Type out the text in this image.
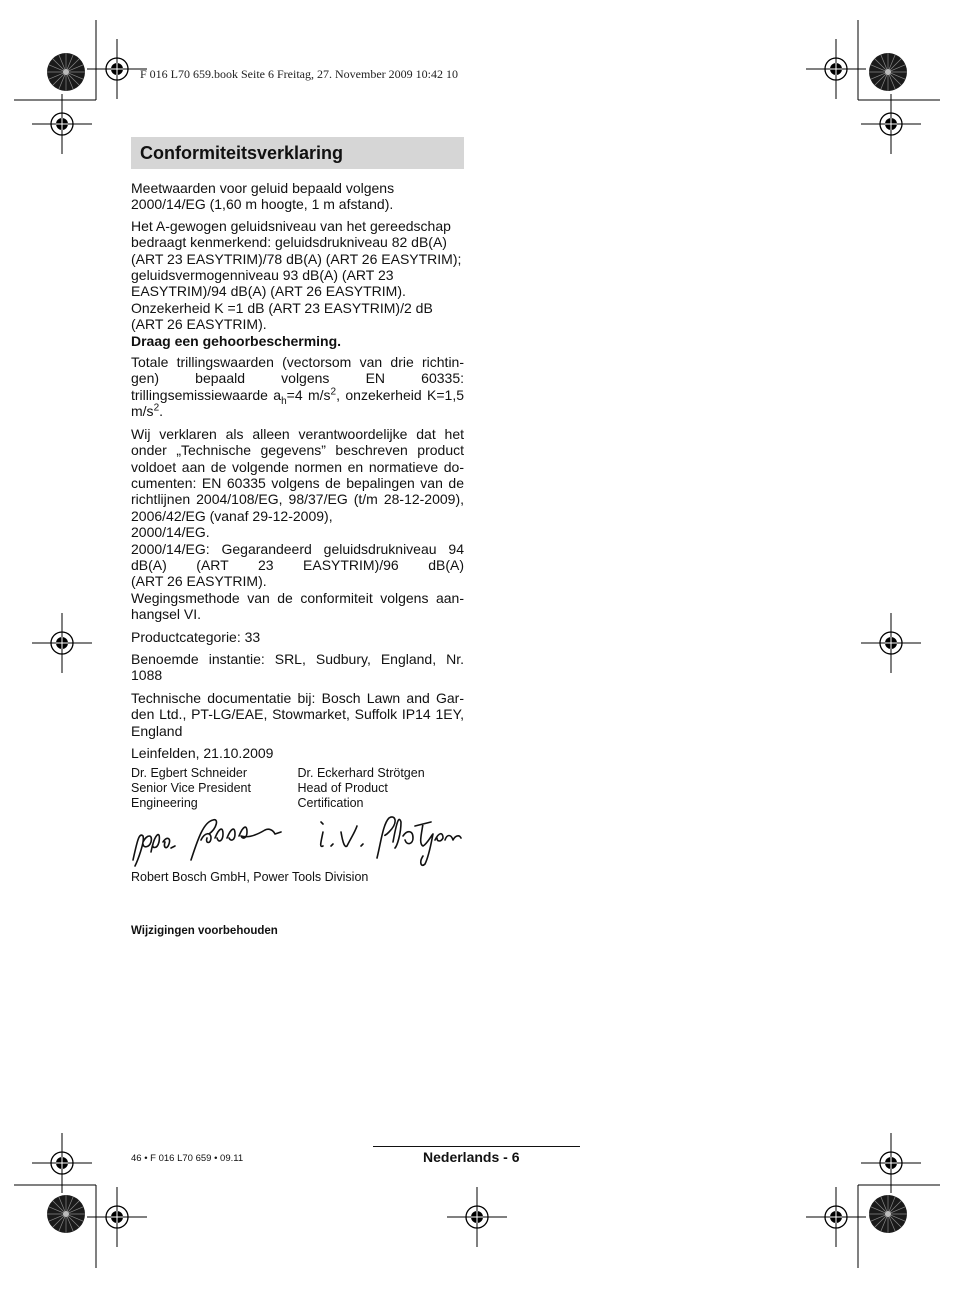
F 016 L70 659.book Seite 6 Freitag, 27. November 2009 10:42 10
Conformiteitsverklaring

Meetwaarden voor geluid bepaald volgens 2000/14/EG (1,60 m hoogte, 1 m afstand).

Het A-gewogen geluidsniveau van het gereedschap bedraagt kenmerkend: geluidsdrukniveau 82 dB(A) (ART 23 EASYTRIM)/78 dB(A) (ART 26 EASYTRIM); geluidsvermogenniveau 93 dB(A) (ART 23 EASYTRIM)/94 dB(A) (ART 26 EASYTRIM). Onzekerheid K =1 dB (ART 23 EASYTRIM)/2 dB (ART 26 EASYTRIM).
Draag een gehoorbescherming.

Totale trillingswaarden (vectorsom van drie richtin-gen) bepaald volgens EN 60335: trillingsemissiewaarde $a_h=4$ $m/s^2$, onzekerheid K=1,5 $m/s^2$.

Wij verklaren als alleen verantwoordelijke dat het onder „Technische gegevens” beschreven product voldoet aan de volgende normen en normatieve do-cumenten: EN 60335 volgens de bepalingen van de richtlijnen 2004/108/EG, 98/37/EG (t/m 28-12-2009), 2006/42/EG (vanaf 29-12-2009),
2000/14/EG.
2000/14/EG: Gegarandeerd geluidsdrukniveau 94 dB(A) (ART 23 EASYTRIM)/96 dB(A)
(ART 26 EASYTRIM).
Wegingsmethode van de conformiteit volgens aan-hangsel VI.

Productcategorie: 33

Benoemde instantie: SRL, Sudbury, England, Nr. 1088

Technische documentatie bij: Bosch Lawn and Gar-den Ltd., PT-LG/EAE, Stowmarket, Suffolk IP14 1EY, England

Leinfelden, 21.10.2009

Dr. Egbert Schneider
Senior Vice President
Engineering
Dr. Eckerhard Strötgen
Head of Product
Certification
Robert Bosch GmbH, Power Tools Division
Wijzigingen voorbehouden
46 • F 016 L70 659 • 09.11	Nederlands - 6
